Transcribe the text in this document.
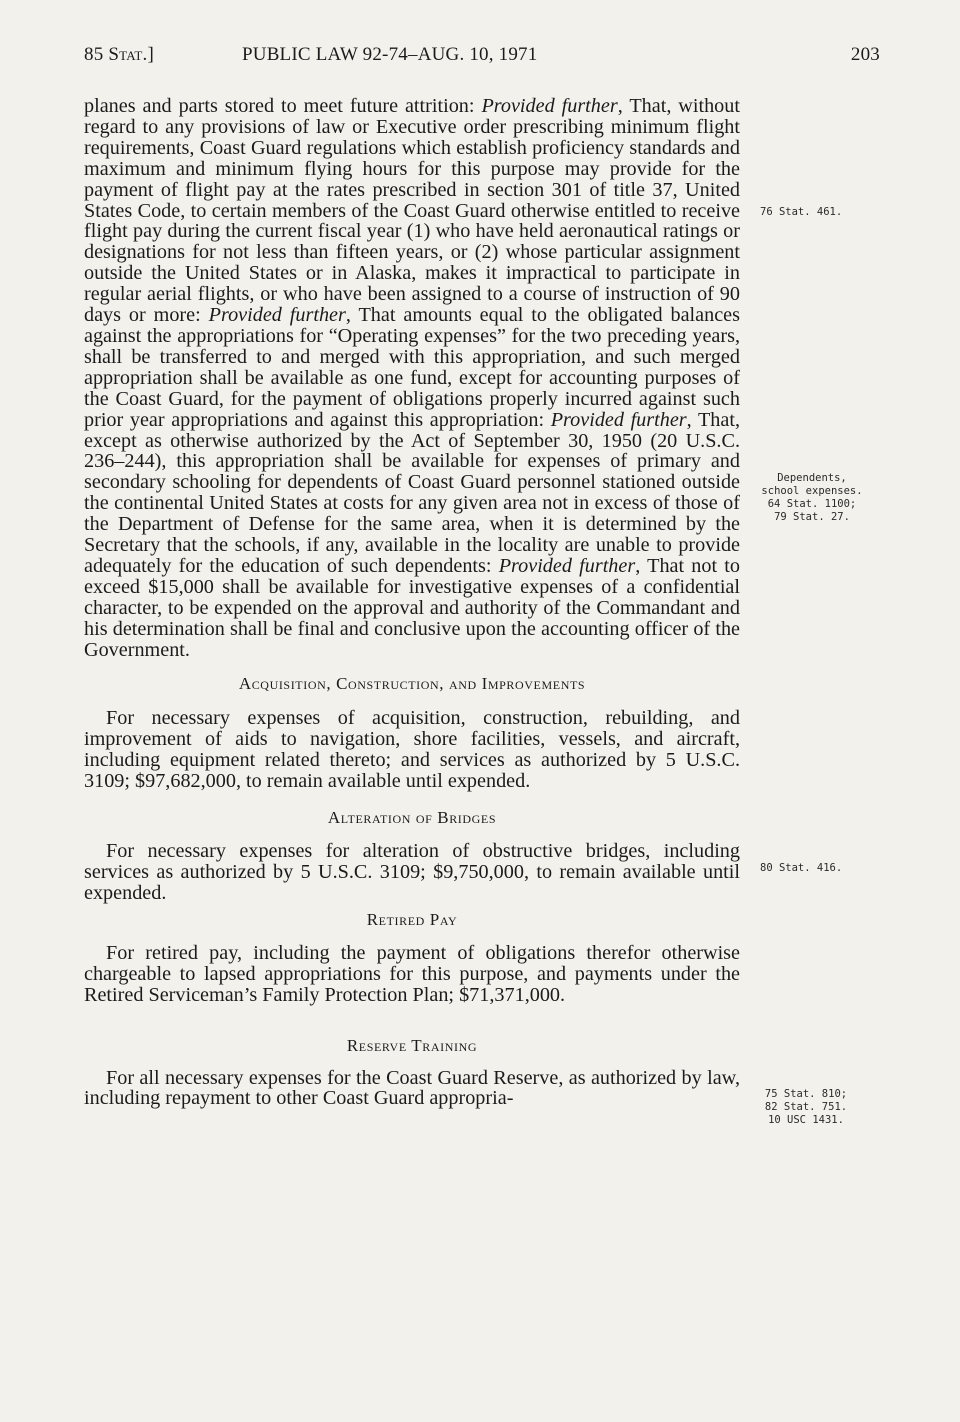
85 Stat.]	PUBLIC LAW 92-74–AUG. 10, 1971	203

planes and parts stored to meet future attrition: Provided further, That, without regard to any provisions of law or Executive order prescribing minimum flight requirements, Coast Guard regulations which establish proficiency standards and maximum and minimum flying hours for this purpose may provide for the payment of flight pay at the rates prescribed in section 301 of title 37, United States Code, to certain members of the Coast Guard otherwise entitled to receive flight pay during the current fiscal year (1) who have held aeronautical ratings or designations for not less than fifteen years, or (2) whose particular assignment outside the United States or in Alaska, makes it impractical to participate in regular aerial flights, or who have been assigned to a course of instruction of 90 days or more: Provided further, That amounts equal to the obligated balances against the appropriations for “Operating expenses” for the two preceding years, shall be transferred to and merged with this appropriation, and such merged appropriation shall be available as one fund, except for accounting purposes of the Coast Guard, for the payment of obligations properly incurred against such prior year appropriations and against this appropriation: Provided further, That, except as otherwise authorized by the Act of September 30, 1950 (20 U.S.C. 236–244), this appropriation shall be available for expenses of primary and secondary schooling for dependents of Coast Guard personnel stationed outside the continental United States at costs for any given area not in excess of those of the Department of Defense for the same area, when it is determined by the Secretary that the schools, if any, available in the locality are unable to provide adequately for the education of such dependents: Provided further, That not to exceed $15,000 shall be available for investigative expenses of a confidential character, to be expended on the approval and authority of the Commandant and his determination shall be final and conclusive upon the accounting officer of the Government.

Acquisition, Construction, and Improvements

For necessary expenses of acquisition, construction, rebuilding, and improvement of aids to navigation, shore facilities, vessels, and aircraft, including equipment related thereto; and services as authorized by 5 U.S.C. 3109; $97,682,000, to remain available until expended.

Alteration of Bridges

For necessary expenses for alteration of obstructive bridges, including services as authorized by 5 U.S.C. 3109; $9,750,000, to remain available until expended.

Retired Pay

For retired pay, including the payment of obligations therefor otherwise chargeable to lapsed appropriations for this purpose, and payments under the Retired Serviceman’s Family Protection Plan; $71,371,000.

Reserve Training

For all necessary expenses for the Coast Guard Reserve, as authorized by law, including repayment to other Coast Guard appropria-

76 Stat. 461.
Dependents,
school expenses.
64 Stat. 1100;
79 Stat. 27.
80 Stat. 416.
75 Stat. 810;
82 Stat. 751.
10 USC 1431.
